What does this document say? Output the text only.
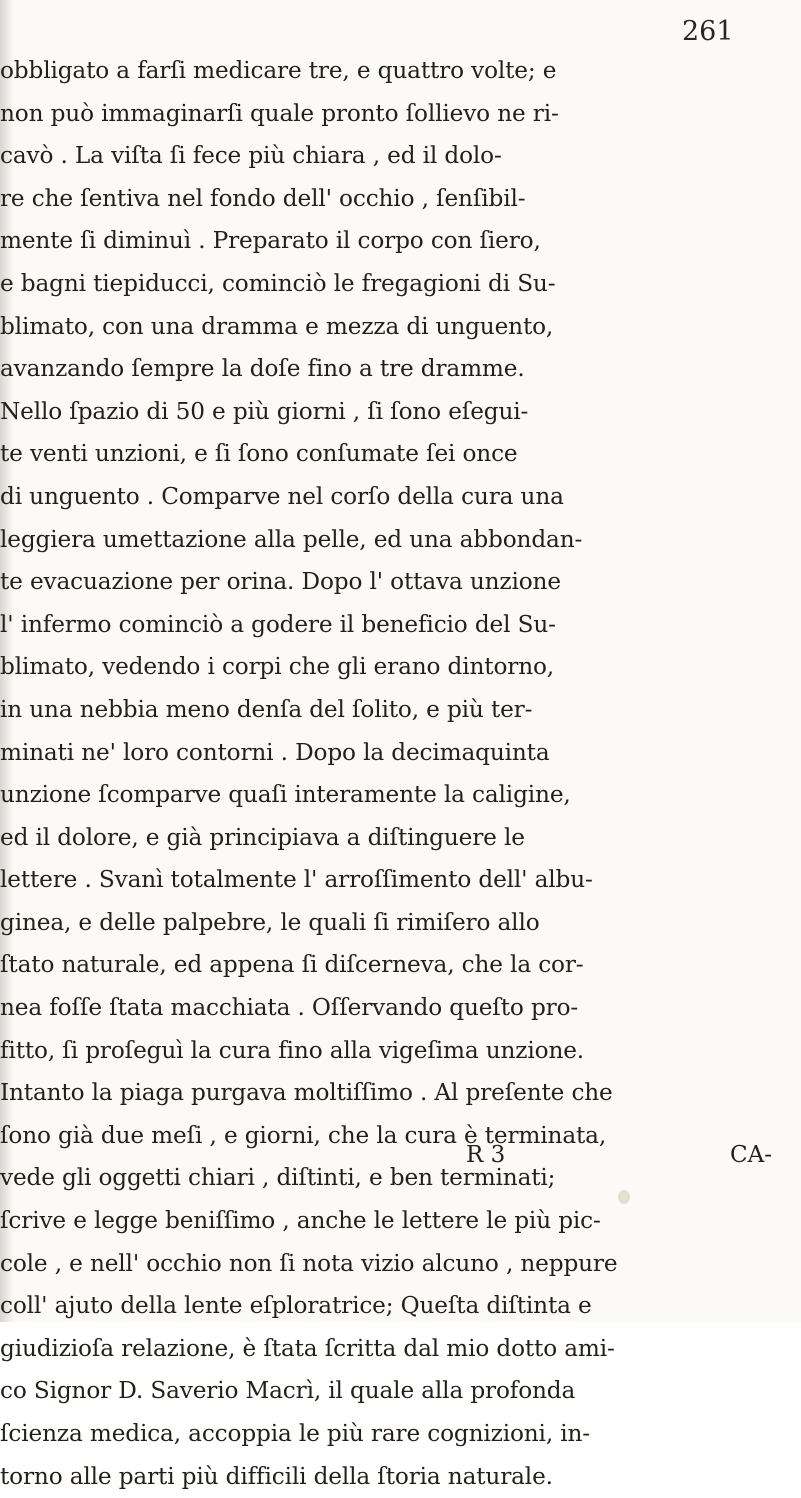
261

obbligato a farſi medicare tre, e quattro volte; e
non può immaginarſi quale pronto ſollievo ne ri-
cavò . La viſta ſi fece più chiara , ed il dolo-
re che ſentiva nel fondo dell' occhio , ſenſibil-
mente ſi diminuì . Preparato il corpo con ſiero,
e bagni tiepiducci, cominciò le fregagioni di Su-
blimato, con una dramma e mezza di unguento,
avanzando ſempre la doſe fino a tre dramme.
Nello ſpazio di 50 e più giorni , ſi ſono eſegui-
te venti unzioni, e ſi ſono conſumate ſei once
di unguento . Comparve nel corſo della cura una
leggiera umettazione alla pelle, ed una abbondan-
te evacuazione per orina. Dopo l' ottava unzione
l' infermo cominciò a godere il beneficio del Su-
blimato, vedendo i corpi che gli erano dintorno,
in una nebbia meno denſa del ſolito, e più ter-
minati ne' loro contorni . Dopo la decimaquinta
unzione ſcomparve quaſi interamente la caligine,
ed il dolore, e già principiava a diſtinguere le
lettere . Svanì totalmente l' arroſſimento dell' albu-
ginea, e delle palpebre, le quali ſi rimiſero allo
ſtato naturale, ed appena ſi diſcerneva, che la cor-
nea foſſe ſtata macchiata . Oſſervando queſto pro-
fitto, ſi proſeguì la cura fino alla vigeſima unzione.
Intanto la piaga purgava moltiſſimo . Al preſente che
ſono già due meſi , e giorni, che la cura è terminata,
vede gli oggetti chiari , diſtinti, e ben terminati;
ſcrive e legge beniſſimo , anche le lettere le più pic-
cole , e nell' occhio non ſi nota vizio alcuno , neppure
coll' ajuto della lente eſploratrice; Queſta diſtinta e
giudizioſa relazione, è ſtata ſcritta dal mio dotto ami-
co Signor D. Saverio Macrì, il quale alla profonda
ſcienza medica, accoppia le più rare cognizioni, in-
torno alle parti più difficili della ſtoria naturale.
R 3	CA-
